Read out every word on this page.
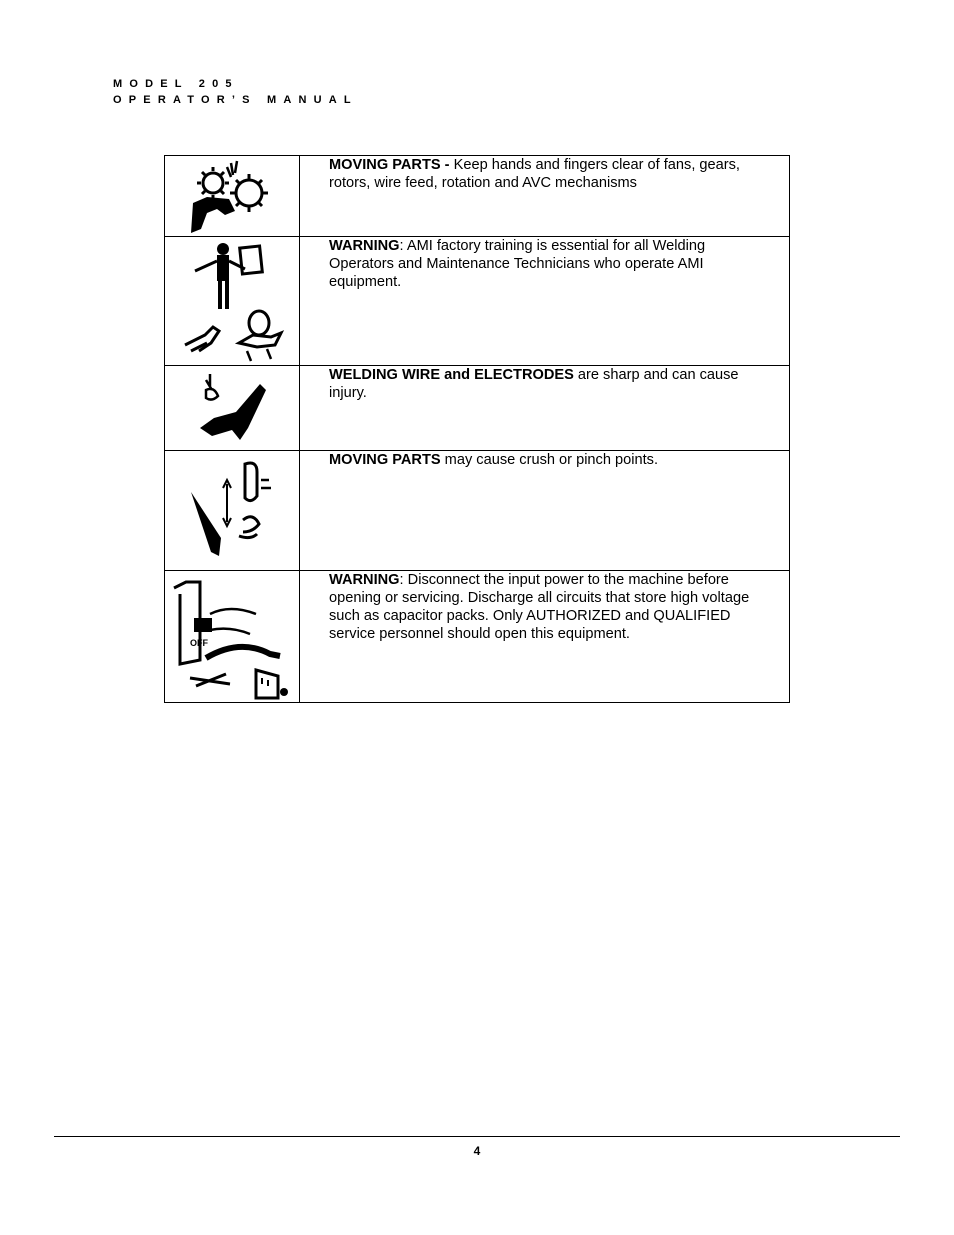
MODEL 205
OPERATOR’S MANUAL

MOVING PARTS - Keep hands and fingers clear of fans, gears, rotors, wire feed, rotation and AVC mechanisms

WARNING: AMI factory training is essential for all Welding Operators and Maintenance Technicians who operate AMI equipment.

WELDING WIRE and ELECTRODES are sharp and can cause injury.

MOVING PARTS may cause crush or pinch points.

OFF	WARNING: Disconnect the input power to the machine before opening or servicing. Discharge all circuits that store high voltage such as capacitor packs. Only AUTHORIZED and QUALIFIED service personnel should open this equipment.
4
